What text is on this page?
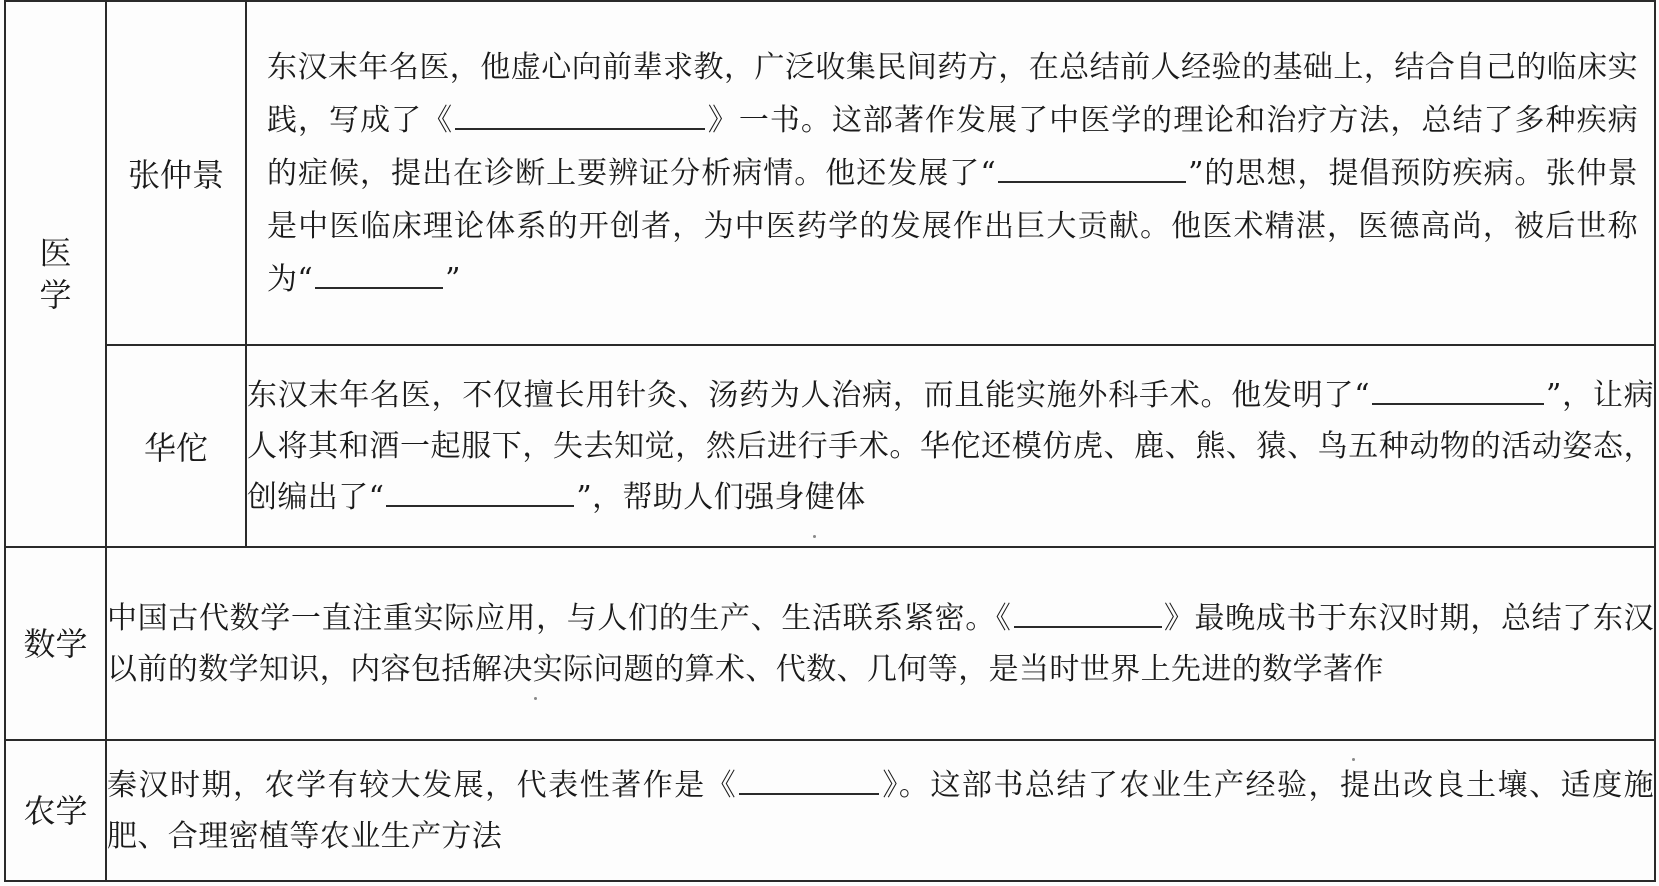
医学	张仲景	东汉末年名医，他虚心向前辈求教，广泛收集民间药方，在总结前人经验的基础上，结合自己的临床实践，写成了《 》一书。这部著作发展了中医学的理论和治疗方法，总结了多种疾病的症候，提出在诊断上要辨证分析病情。他还发展了“ ”的思想，提倡预防疾病。张仲景是中医临床理论体系的开创者，为中医药学的发展作出巨大贡献。他医术精湛，医德高尚，被后世称为“ ”
	华佗	东汉末年名医，不仅擅长用针灸、汤药为人治病，而且能实施外科手术。他发明了“ ”，让病人将其和酒一起服下，失去知觉，然后进行手术。华佗还模仿虎、鹿、熊、猿、鸟五种动物的活动姿态，创编出了“ ”，帮助人们强身健体
数学	中国古代数学一直注重实际应用，与人们的生产、生活联系紧密。《 》最晚成书于东汉时期，总结了东汉以前的数学知识，内容包括解决实际问题的算术、代数、几何等，是当时世界上先进的数学著作	
农学	秦汉时期，农学有较大发展，代表性著作是《 》。这部书总结了农业生产经验，提出改良土壤、适度施肥、合理密植等农业生产方法	
